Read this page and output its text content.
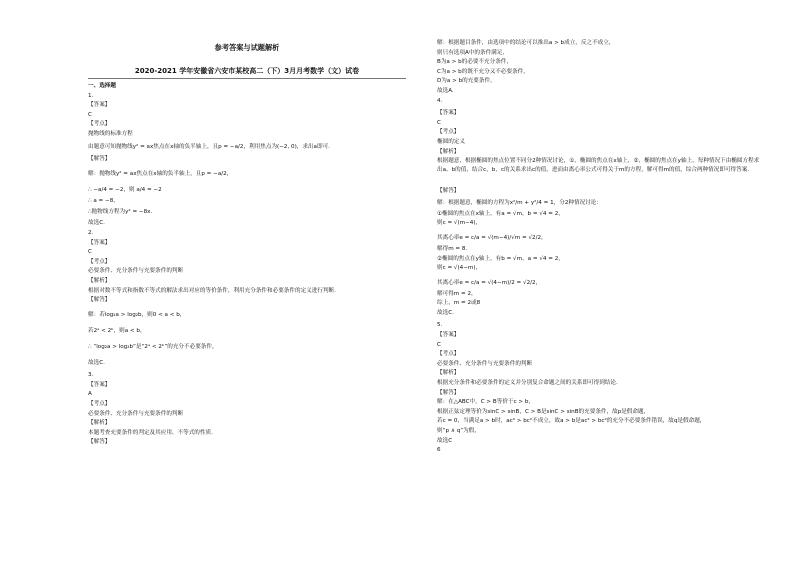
参考答案与试题解析
2020-2021 学年安徽省六安市某校高二（下）3月月考数学（文）试卷
一、选择题
1.
【答案】
C
【考点】
抛物线的标准方程
由题意可知抛物线y² = ax焦点在x轴的负半轴上，且p = −a/2，利用焦点为(−2, 0)，求出a即可.
【解答】
解：抛物线y² = ax焦点在x轴的负半轴上，且p = −a/2，
∴ −a/4 = −2，则 a/4 = −2
∴ a = −8，
∴抛物线方程为y² = −8x.
故选C.
2.
【答案】
C
【考点】
必要条件、充分条件与充要条件的判断
【解析】
根据对数不等式和指数不等式的解法求出对应的等价条件，利用充分条件和必要条件的定义进行判断.
【解答】
解：若log₂a > log₂b，则0 < a < b，
若2ᵃ < 2ᵇ，则a < b，
∴ “log₂a > log₂b”是“2ᵃ < 2ᵇ”的充分不必要条件，
故选C.
3.
【答案】
A
【考点】
必要条件、充分条件与充要条件的判断
【解析】
本题考查充要条件的判定及其应用、不等式的性质.
【解答】
解：根据题目条件，由选项中的结论可以推出a > b成立，反之不成立，
则只有选项A中的条件满足，
B为a > b的必要不充分条件，
C为a > b的既不充分又不必要条件，
D为a > b的充要条件，
故选A.
4.
【答案】
C
【考点】
椭圆的定义
【解析】
根据题意，根据椭圆的焦点位置不同分2种情况讨论，①，椭圆的焦点在x轴上，②，椭圆的焦点在y轴上，每种情况下由椭圆方程求出a、b的值，结合c，b，c的关系求出c的值，进而由离心率公式可得关于m的方程，解可得m的值，综合两种情况即可得答案.
【解答】
解：根据题意，椭圆的方程为x²/m + y²/4 = 1，分2种情况讨论：
①椭圆的焦点在x轴上，有a = √m，b = √4 = 2，
则c = √(m−4)，
其离心率e = c/a = √(m−4)/√m = √2/2，
解得m = 8.
②椭圆的焦点在y轴上，有b = √m，a = √4 = 2，
则c = √(4−m)，
其离心率e = c/a = √(4−m)/2 = √2/2，
解可得m = 2，
综上，m = 2或8
故选C.
5.
【答案】
C
【考点】
必要条件、充分条件与充要条件的判断
【解析】
根据充分条件和必要条件的定义并分别复合命题之间的关系即可得到结论.
【解答】
解：在△ABC中，C > B等价于c > b，
根据正弦定理等价为sinC > sinB，C > B是sinC > sinB的充要条件，故p是假命题，
若c = 0，当满足a > b时，ac² > bc²不成立，故a > b是ac² > bc²的充分不必要条件错误，故q是假命题，
则“p ∧ q”为假，
故选C
6
